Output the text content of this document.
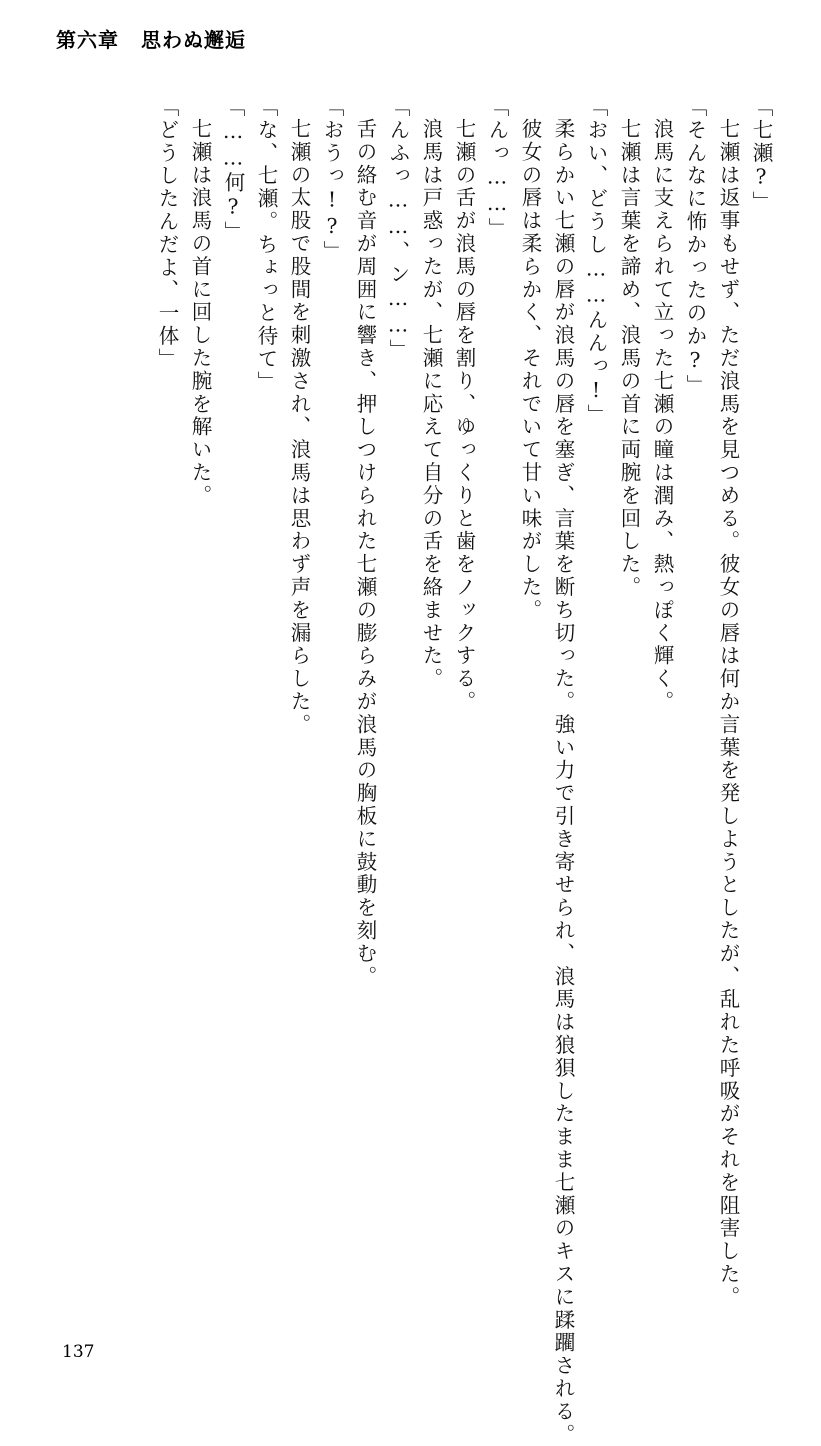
第六章 思わぬ邂逅
「七瀬?」
七瀬は返事もせず、ただ浪馬を見つめる。彼女の唇は何か言葉を発しようとしたが、乱れた呼吸がそれを阻害した。
「そんなに怖かったのか?」
浪馬に支えられて立った七瀬の瞳は潤み、熱っぽく輝く。
七瀬は言葉を諦め、浪馬の首に両腕を回した。
「おい、どうし……んんっ!」
柔らかい七瀬の唇が浪馬の唇を塞ぎ、言葉を断ち切った。強い力で引き寄せられ、浪馬は狼狽したまま七瀬のキスに蹂躙される。
彼女の唇は柔らかく、それでいて甘い味がした。
「んっ……」
七瀬の舌が浪馬の唇を割り、ゆっくりと歯をノックする。
浪馬は戸惑ったが、七瀬に応えて自分の舌を絡ませた。
「んふっ……、ン……」
舌の絡む音が周囲に響き、押しつけられた七瀬の膨らみが浪馬の胸板に鼓動を刻む。
「おうっ!?」
七瀬の太股で股間を刺激され、浪馬は思わず声を漏らした。
「な、七瀬。ちょっと待て」
「……何?」
七瀬は浪馬の首に回した腕を解いた。
「どうしたんだよ、一体」
137
